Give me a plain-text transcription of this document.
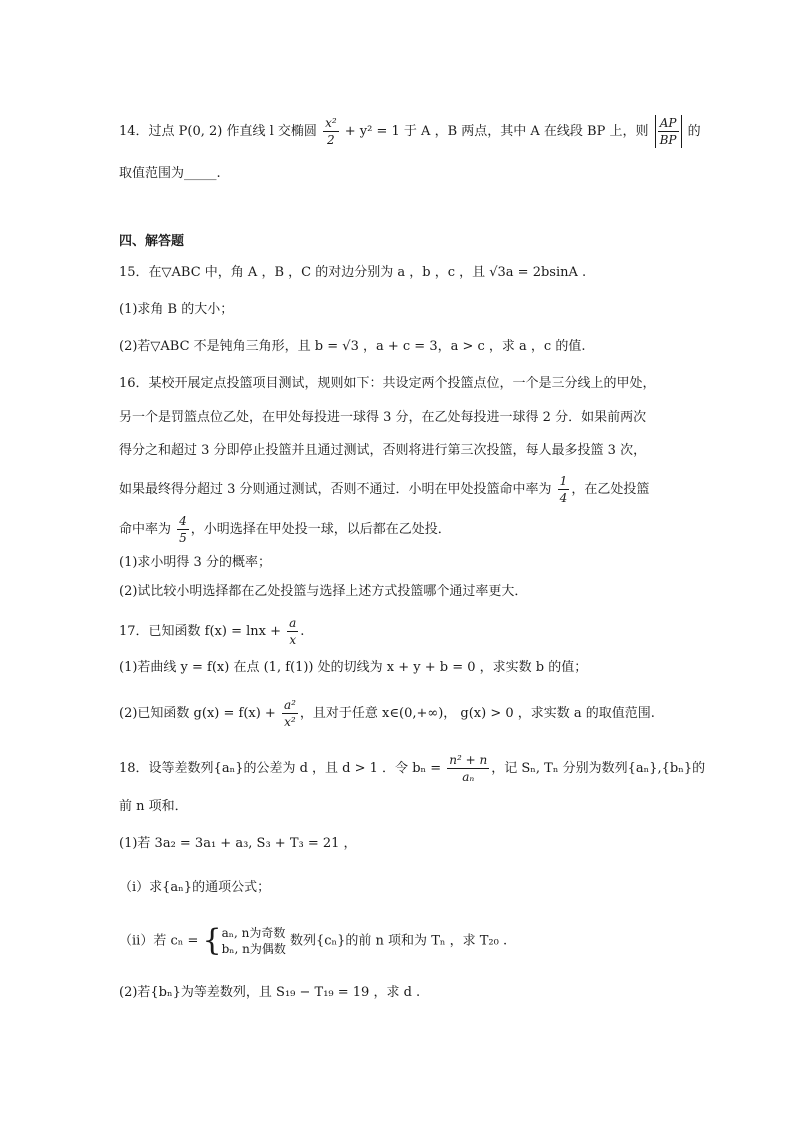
14．过点 P(0, 2) 作直线 l 交椭圆 $\frac{\text{x²}}{2} + y^2 = 1$ 于 A ，B 两点，其中 A 在线段 BP 上，则 $\frac{AP}{BP}$ 的
取值范围为_____.
四、解答题
15．在▽ABC 中，角 A ，B ，C 的对边分别为 a ，b ，c ，且 √3a = 2bsinA .
(1)求角 B 的大小；
(2)若▽ABC 不是钝角三角形，且 b = √3 ，a + c = 3，a > c ，求 a ，c 的值.
16．某校开展定点投篮项目测试，规则如下：共设定两个投篮点位，一个是三分线上的甲处，
另一个是罚篮点位乙处，在甲处每投进一球得 3 分，在乙处每投进一球得 2 分．如果前两次
得分之和超过 3 分即停止投篮并且通过测试，否则将进行第三次投篮，每人最多投篮 3 次，
如果最终得分超过 3 分则通过测试，否则不通过．小明在甲处投篮命中率为 $\frac{1}{4}$ ，在乙处投篮
命中率为 $\frac{4}{5}$ ，小明选择在甲处投一球，以后都在乙处投．
(1)求小明得 3 分的概率；
(2)试比较小明选择都在乙处投篮与选择上述方式投篮哪个通过率更大．
17．已知函数 $f(x) = \ln x + \frac{a}{x}$ .
(1)若曲线 y = f(x) 在点 (1, f(1)) 处的切线为 x + y + b = 0 ，求实数 b 的值；
(2)已知函数 $g(x) = f(x) + \frac{\text{a²}}{\text{x²}}$ ，且对于任意 x∈(0,+∞)， g(x) > 0 ，求实数 a 的取值范围.
18．设等差数列{aₙ}的公差为 d ，且 d > 1 ．令 $b_n = \frac{\text{n² + n}}{\text{aₙ}}$ ，记 Sₙ, Tₙ 分别为数列{aₙ},{bₙ}的
前 n 项和．
(1)若 3a₂ = 3a₁ + a₃, S₃ + T₃ = 21 ，
（ⅰ）求{aₙ}的通项公式；
（ⅱ）若 cₙ = { aₙ, n为奇数
bₙ, n为偶数
数列{cₙ}的前 n 项和为 Tₙ ，求 T₂₀ .
(2)若{bₙ}为等差数列，且 S₁₉ − T₁₉ = 19 ，求 d .
